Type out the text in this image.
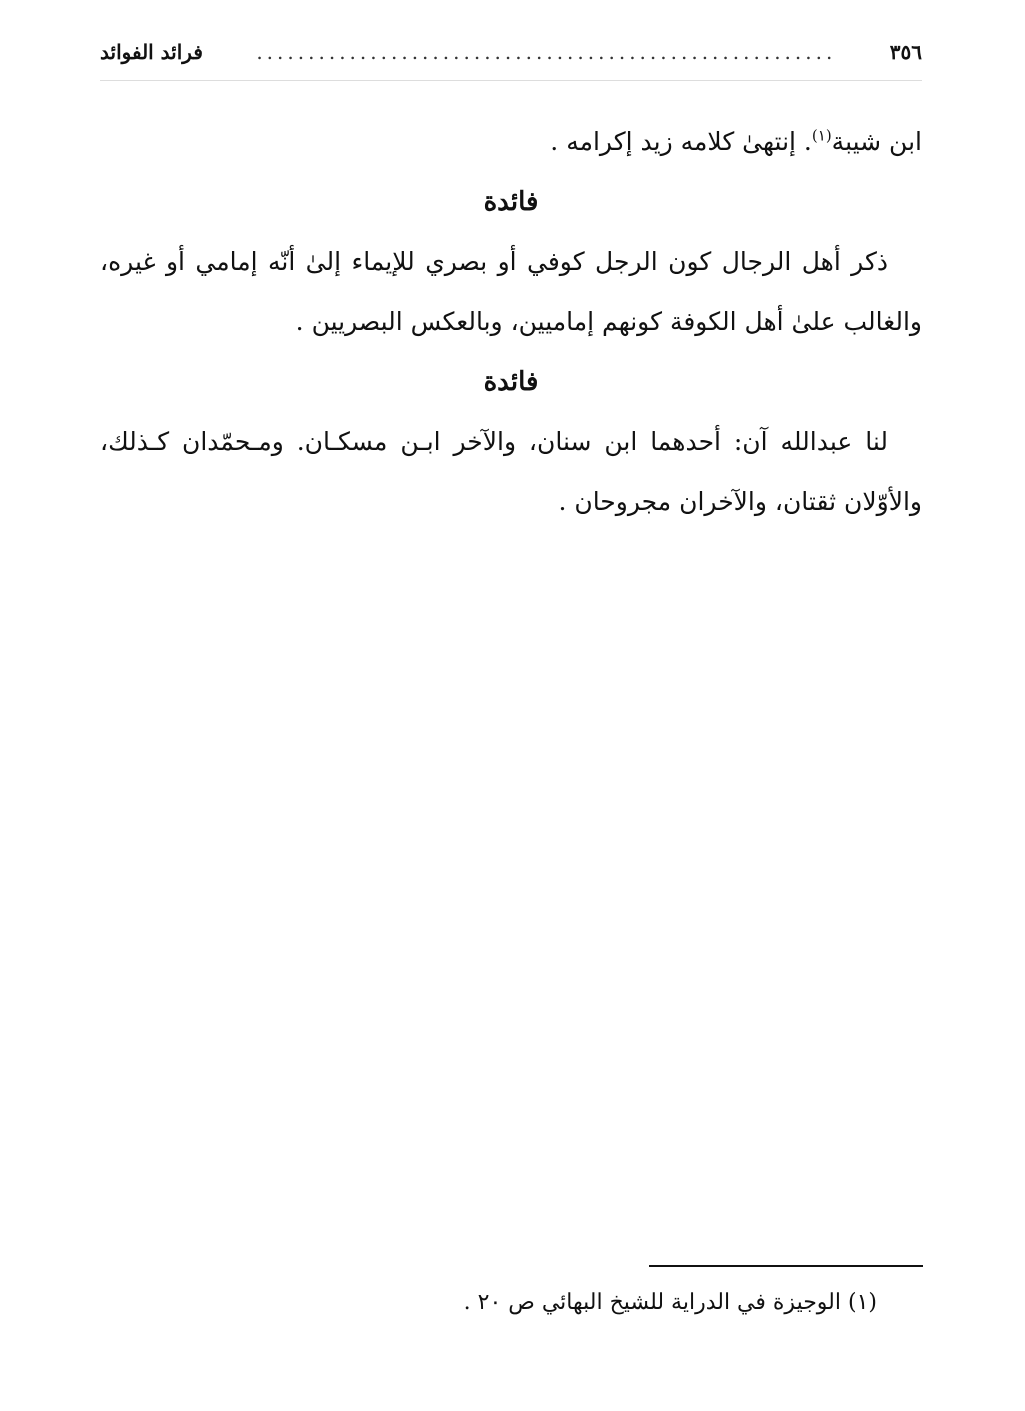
٣٥٦
........................................................
فرائد الفوائد
ابن شيبة$^{(١)}$. إنتهىٰ كلامه زيد إكرامه .
فائدة
ذكر أهل الرجال كون الرجل كوفي أو بصري للإيماء إلىٰ أنّه إمامي أو غيره،
والغالب علىٰ أهل الكوفة كونهم إماميين، وبالعكس البصريين .
فائدة
لنا عبدالله آن: أحدهما ابن سنان، والآخر ابـن مسكـان. ومـحمّدان كـذلك،
والأوّلان ثقتان، والآخران مجروحان .
(١) الوجيزة في الدراية للشيخ البهائي ص ٢٠ .
